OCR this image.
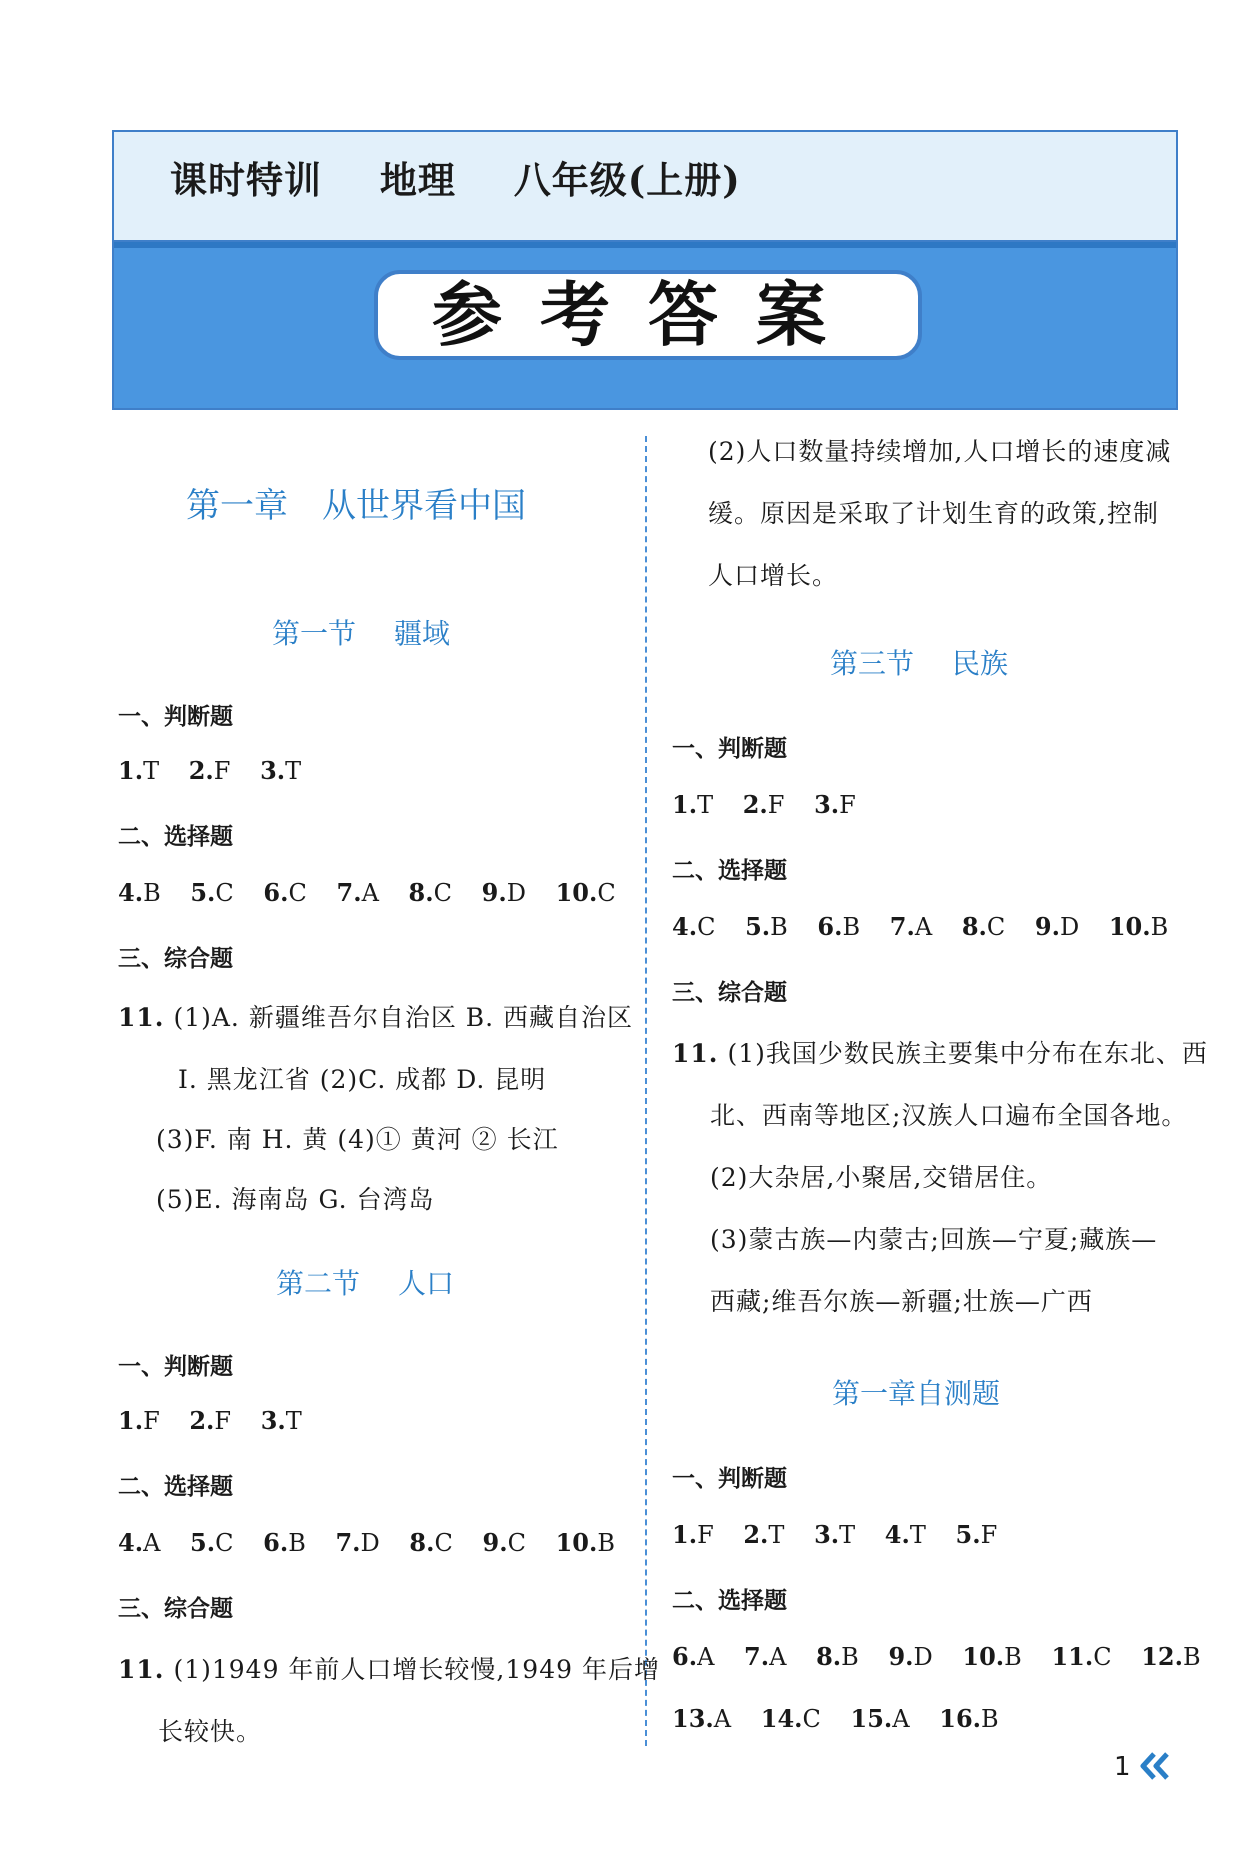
课时特训 地理 八年级(上册)
参考答案
第一章 从世界看中国
第一节 疆域
一、判断题
1.T 2.F 3.T
二、选择题
4.B 5.C 6.C 7.A 8.C 9.D 10.C
三、综合题
11. (1)A. 新疆维吾尔自治区 B. 西藏自治区
I. 黑龙江省 (2)C. 成都 D. 昆明
(3)F. 南 H. 黄 (4)① 黄河 ② 长江
(5)E. 海南岛 G. 台湾岛
第二节 人口
一、判断题
1.F 2.F 3.T
二、选择题
4.A 5.C 6.B 7.D 8.C 9.C 10.B
三、综合题
11. (1)1949 年前人口增长较慢,1949 年后增
长较快。
(2)人口数量持续增加,人口增长的速度减
缓。原因是采取了计划生育的政策,控制
人口增长。
第三节 民族
一、判断题
1.T 2.F 3.F
二、选择题
4.C 5.B 6.B 7.A 8.C 9.D 10.B
三、综合题
11. (1)我国少数民族主要集中分布在东北、西
北、西南等地区;汉族人口遍布全国各地。
(2)大杂居,小聚居,交错居住。
(3)蒙古族—内蒙古;回族—宁夏;藏族—
西藏;维吾尔族—新疆;壮族—广西
第一章自测题
一、判断题
1.F 2.T 3.T 4.T 5.F
二、选择题
6.A 7.A 8.B 9.D 10.B 11.C 12.B
13.A 14.C 15.A 16.B
1
